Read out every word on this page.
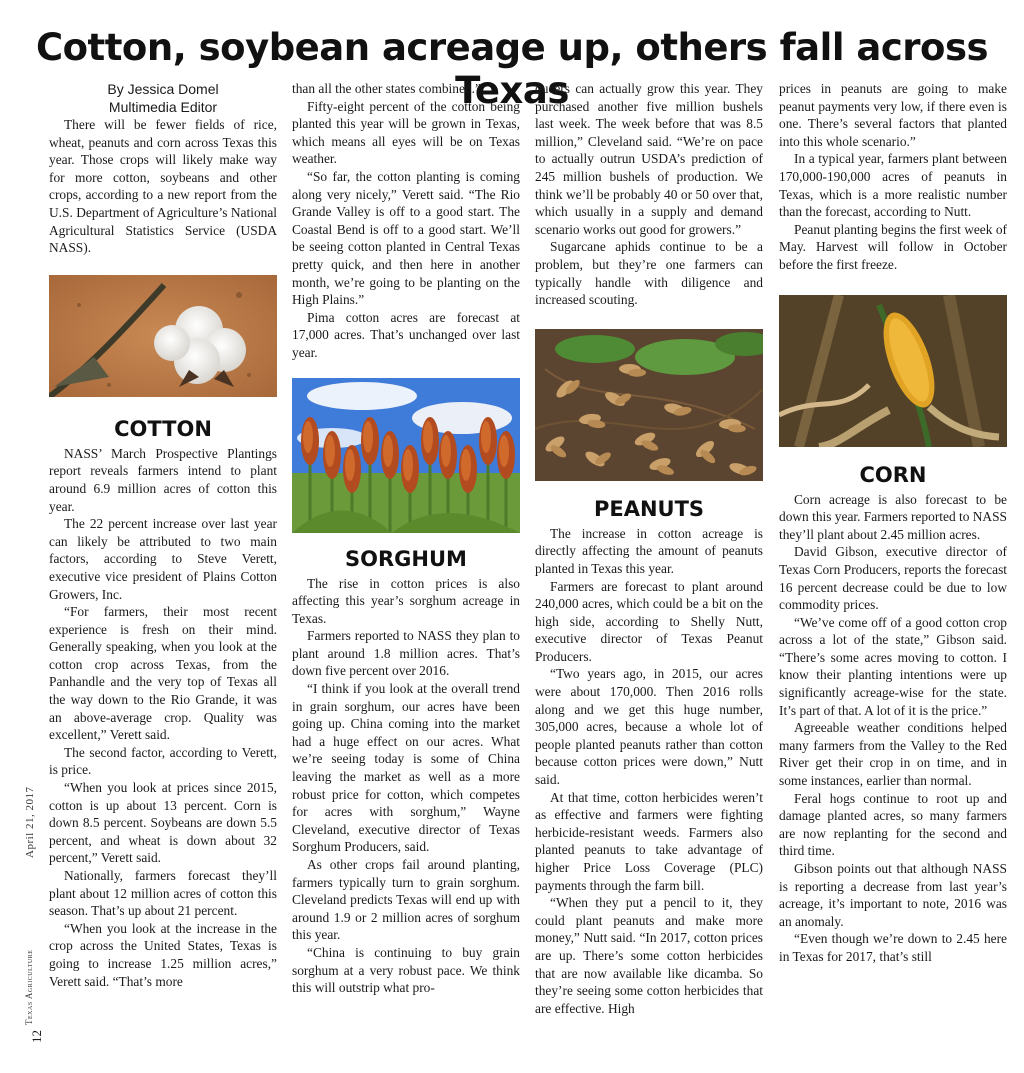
Cotton, soybean acreage up, others fall across Texas
By Jessica Domel
Multimedia Editor

There will be fewer fields of rice, wheat, peanuts and corn across Texas this year. Those crops will likely make way for more cotton, soybeans and other crops, according to a new report from the U.S. Department of Agriculture’s National Agricultural Statistics Service (USDA NASS).

COTTON

NASS’ March Prospective Plantings report reveals farmers intend to plant around 6.9 million acres of cotton this year.

The 22 percent increase over last year can likely be attributed to two main factors, according to Steve Verett, executive vice president of Plains Cotton Growers, Inc.

“For farmers, their most recent experience is fresh on their mind. Generally speaking, when you look at the cotton crop across Texas, from the Panhandle and the very top of Texas all the way down to the Rio Grande, it was an above-average crop. Quality was excellent,” Verett said.

The second factor, according to Verett, is price.

“When you look at prices since 2015, cotton is up about 13 percent. Corn is down 8.5 percent. Soybeans are down 5.5 percent, and wheat is down about 32 percent,” Verett said.

Nationally, farmers forecast they’ll plant about 12 million acres of cotton this season. That’s up about 21 percent.

“When you look at the increase in the crop across the United States, Texas is going to increase 1.25 million acres,” Verett said. “That’s more

than all the other states combined.”

Fifty-eight percent of the cotton being planted this year will be grown in Texas, which means all eyes will be on Texas weather.

“So far, the cotton planting is coming along very nicely,” Verett said. “The Rio Grande Valley is off to a good start. The Coastal Bend is off to a good start. We’ll be seeing cotton planted in Central Texas pretty quick, and then here in another month, we’re going to be planting on the High Plains.”

Pima cotton acres are forecast at 17,000 acres. That’s unchanged over last year.

SORGHUM

The rise in cotton prices is also affecting this year’s sorghum acreage in Texas.

Farmers reported to NASS they plan to plant around 1.8 million acres. That’s down five percent over 2016.

“I think if you look at the overall trend in grain sorghum, our acres have been going up. China coming into the market had a huge effect on our acres. What we’re seeing today is some of China leaving the market as well as a more robust price for cotton, which competes for acres with sorghum,” Wayne Cleveland, executive director of Texas Sorghum Producers, said.

As other crops fail around planting, farmers typically turn to grain sorghum. Cleveland predicts Texas will end up with around 1.9 or 2 million acres of sorghum this year.

“China is continuing to buy grain sorghum at a very robust pace. We think this will outstrip what pro-

ducers can actually grow this year. They purchased another five million bushels last week. The week before that was 8.5 million,” Cleveland said. “We’re on pace to actually outrun USDA’s prediction of 245 million bushels of production. We think we’ll be probably 40 or 50 over that, which usually in a supply and demand scenario works out good for growers.”

Sugarcane aphids continue to be a problem, but they’re one farmers can typically handle with diligence and increased scouting.

PEANUTS

The increase in cotton acreage is directly affecting the amount of peanuts planted in Texas this year.

Farmers are forecast to plant around 240,000 acres, which could be a bit on the high side, according to Shelly Nutt, executive director of Texas Peanut Producers.

“Two years ago, in 2015, our acres were about 170,000. Then 2016 rolls along and we get this huge number, 305,000 acres, because a whole lot of people planted peanuts rather than cotton because cotton prices were down,” Nutt said.

At that time, cotton herbicides weren’t as effective and farmers were fighting herbicide-resistant weeds. Farmers also planted peanuts to take advantage of higher Price Loss Coverage (PLC) payments through the farm bill.

“When they put a pencil to it, they could plant peanuts and make more money,” Nutt said. “In 2017, cotton prices are up. There’s some cotton herbicides that are now available like dicamba. So they’re seeing some cotton herbicides that are effective. High

prices in peanuts are going to make peanut payments very low, if there even is one. There’s several factors that planted into this whole scenario.”

In a typical year, farmers plant between 170,000-190,000 acres of peanuts in Texas, which is a more realistic number than the forecast, according to Nutt.

Peanut planting begins the first week of May. Harvest will follow in October before the first freeze.

CORN

Corn acreage is also forecast to be down this year. Farmers reported to NASS they’ll plant about 2.45 million acres.

David Gibson, executive director of Texas Corn Producers, reports the forecast 16 percent decrease could be due to low commodity prices.

“We’ve come off of a good cotton crop across a lot of the state,” Gibson said. “There’s some acres moving to cotton. I know their planting intentions were up significantly acreage-wise for the state. It’s part of that. A lot of it is the price.”

Agreeable weather conditions helped many farmers from the Valley to the Red River get their crop in on time, and in some instances, earlier than normal.

Feral hogs continue to root up and damage planted acres, so many farmers are now replanting for the second and third time.

Gibson points out that although NASS is reporting a decrease from last year’s acreage, it’s important to note, 2016 was an anomaly.

“Even though we’re down to 2.45 here in Texas for 2017, that’s still

April 21, 2017
Texas Agriculture
12
